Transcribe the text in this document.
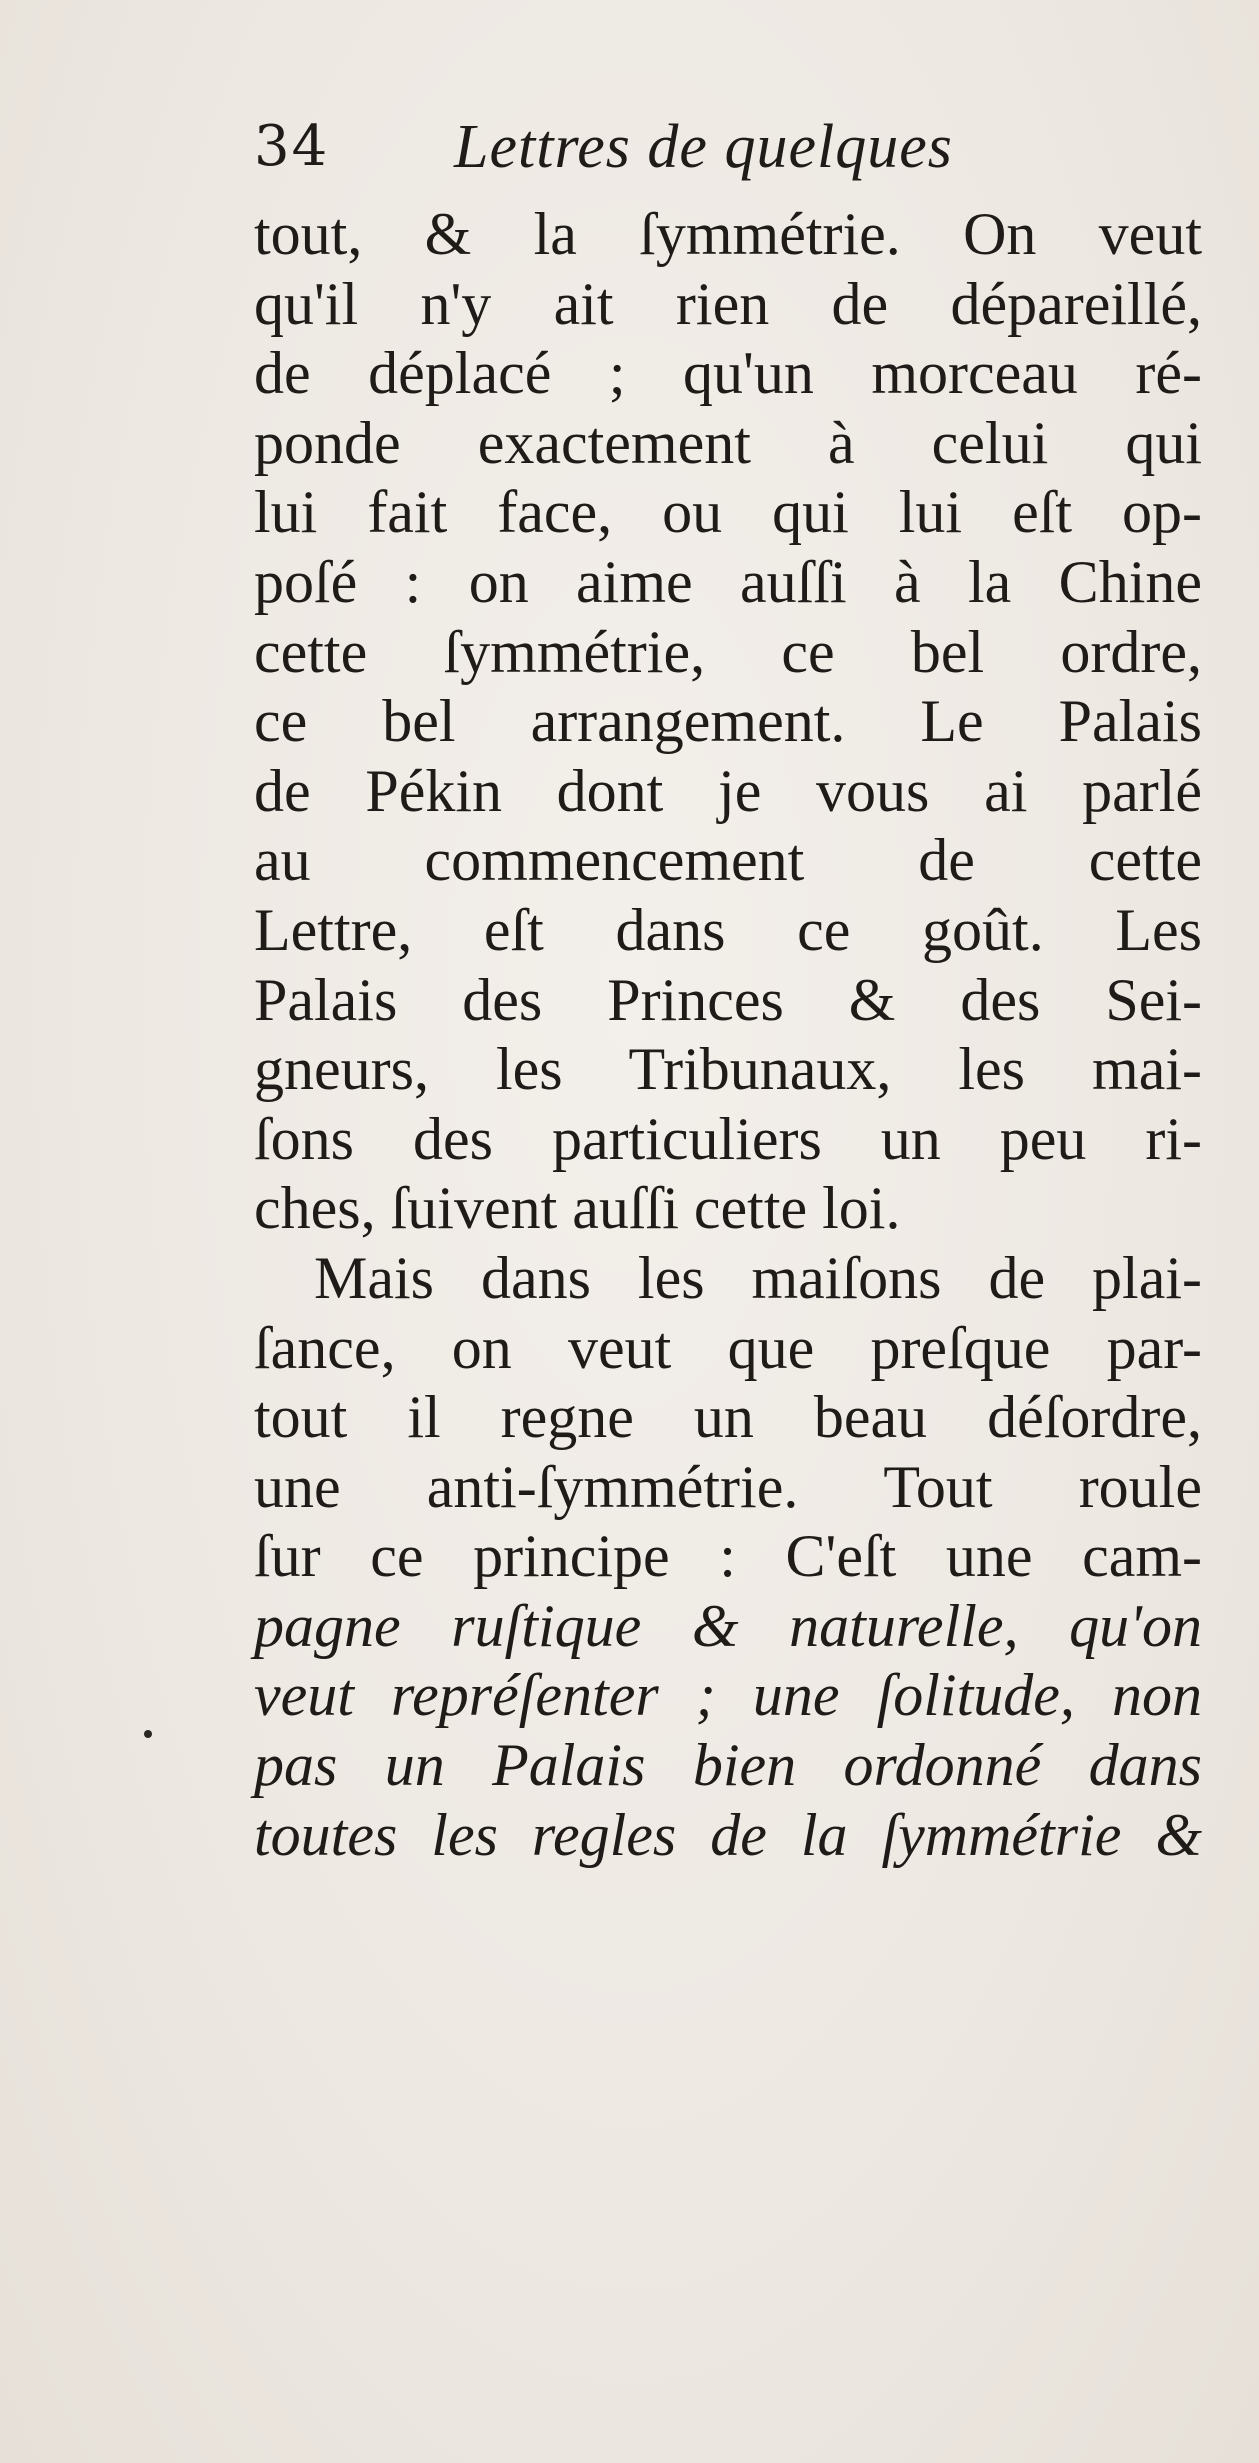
34 Lettres de quelques
tout, & la ſymmétrie. On veut
qu'il n'y ait rien de dépareillé,
de déplacé ; qu'un morceau ré-
ponde exactement à celui qui
lui fait face, ou qui lui eſt op-
poſé : on aime auſſi à la Chine
cette ſymmétrie, ce bel ordre,
ce bel arrangement. Le Palais
de Pékin dont je vous ai parlé
au commencement de cette
Lettre, eſt dans ce goût. Les
Palais des Princes & des Sei-
gneurs, les Tribunaux, les mai-
ſons des particuliers un peu ri-
ches, ſuivent auſſi cette loi.
Mais dans les maiſons de plai-
ſance, on veut que preſque par-
tout il regne un beau déſordre,
une anti-ſymmétrie. Tout roule
ſur ce principe : C'eſt une cam-
pagne ruſtique & naturelle, qu'on
veut repréſenter ; une ſolitude, non
pas un Palais bien ordonné dans
toutes les regles de la ſymmétrie &
